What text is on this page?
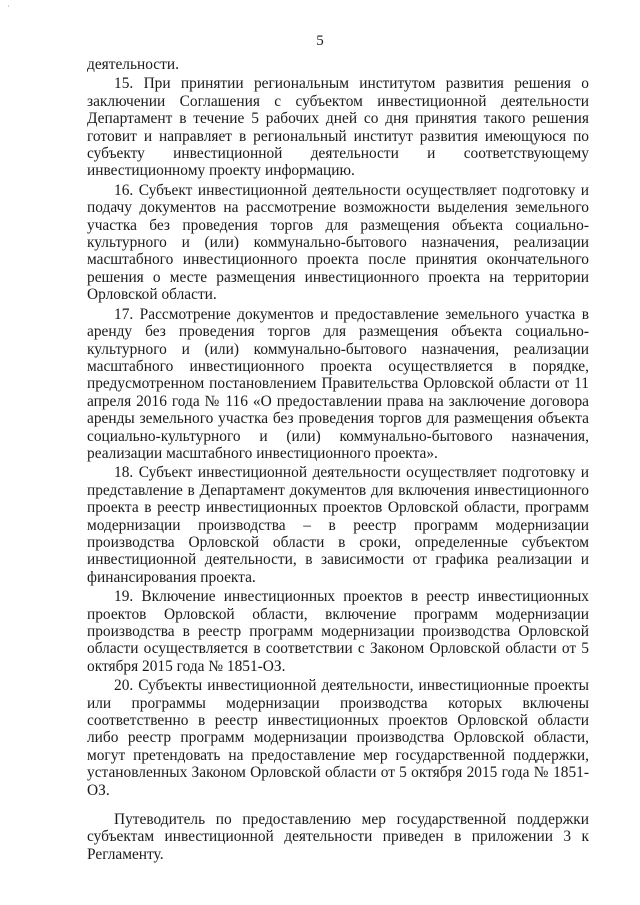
·
5

деятельности.

15. При принятии региональным институтом развития решения о заключении Соглашения с субъектом инвестиционной деятельности Департамент в течение 5 рабочих дней со дня принятия такого решения готовит и направляет в региональный институт развития имеющуюся по субъекту инвестиционной деятельности и соответствующему инвестиционному проекту информацию.

16. Субъект инвестиционной деятельности осуществляет подготовку и подачу документов на рассмотрение возможности выделения земельного участка без проведения торгов для размещения объекта социально-культурного и (или) коммунально-бытового назначения, реализации масштабного инвестиционного проекта после принятия окончательного решения о месте размещения инвестиционного проекта на территории Орловской области.

17. Рассмотрение документов и предоставление земельного участка в аренду без проведения торгов для размещения объекта социально-культурного и (или) коммунально-бытового назначения, реализации масштабного инвестиционного проекта осуществляется в порядке, предусмотренном постановлением Правительства Орловской области от 11 апреля 2016 года № 116 «О предоставлении права на заключение договора аренды земельного участка без проведения торгов для размещения объекта социально-культурного и (или) коммунально-бытового назначения, реализации масштабного инвестиционного проекта».

18. Субъект инвестиционной деятельности осуществляет подготовку и представление в Департамент документов для включения инвестиционного проекта в реестр инвестиционных проектов Орловской области, программ модернизации производства – в реестр программ модернизации производства Орловской области в сроки, определенные субъектом инвестиционной деятельности, в зависимости от графика реализации и финансирования проекта.

19. Включение инвестиционных проектов в реестр инвестиционных проектов Орловской области, включение программ модернизации производства в реестр программ модернизации производства Орловской области осуществляется в соответствии с Законом Орловской области от 5 октября 2015 года № 1851-ОЗ.

20. Субъекты инвестиционной деятельности, инвестиционные проекты или программы модернизации производства которых включены соответственно в реестр инвестиционных проектов Орловской области либо реестр программ модернизации производства Орловской области, могут претендовать на предоставление мер государственной поддержки, установленных Законом Орловской области от 5 октября 2015 года № 1851-ОЗ.

Путеводитель по предоставлению мер государственной поддержки субъектам инвестиционной деятельности приведен в приложении 3 к Регламенту.
